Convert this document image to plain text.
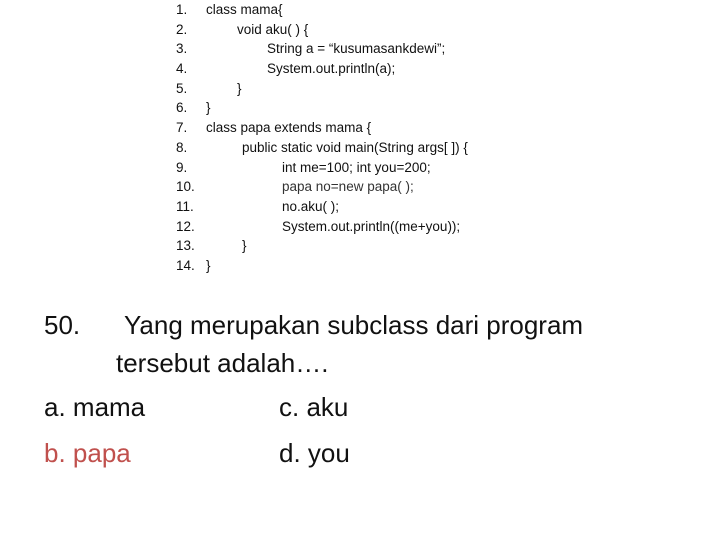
1.	class mama{
2.	void aku( ) {
3.	String a = “kusumasankdewi”;
4.	System.out.println(a);
5.	}
6.	}
7.	class papa extends mama {
8.	public static void main(String args[ ]) {
9.	int me=100; int you=200;
10.	papa no=new papa( );
11.	no.aku( );
12.	System.out.println((me+you));
13.	}
14. }
50. Yang merupakan subclass dari program
tersebut adalah….
a. mama	c. aku
b. papa	d. you
